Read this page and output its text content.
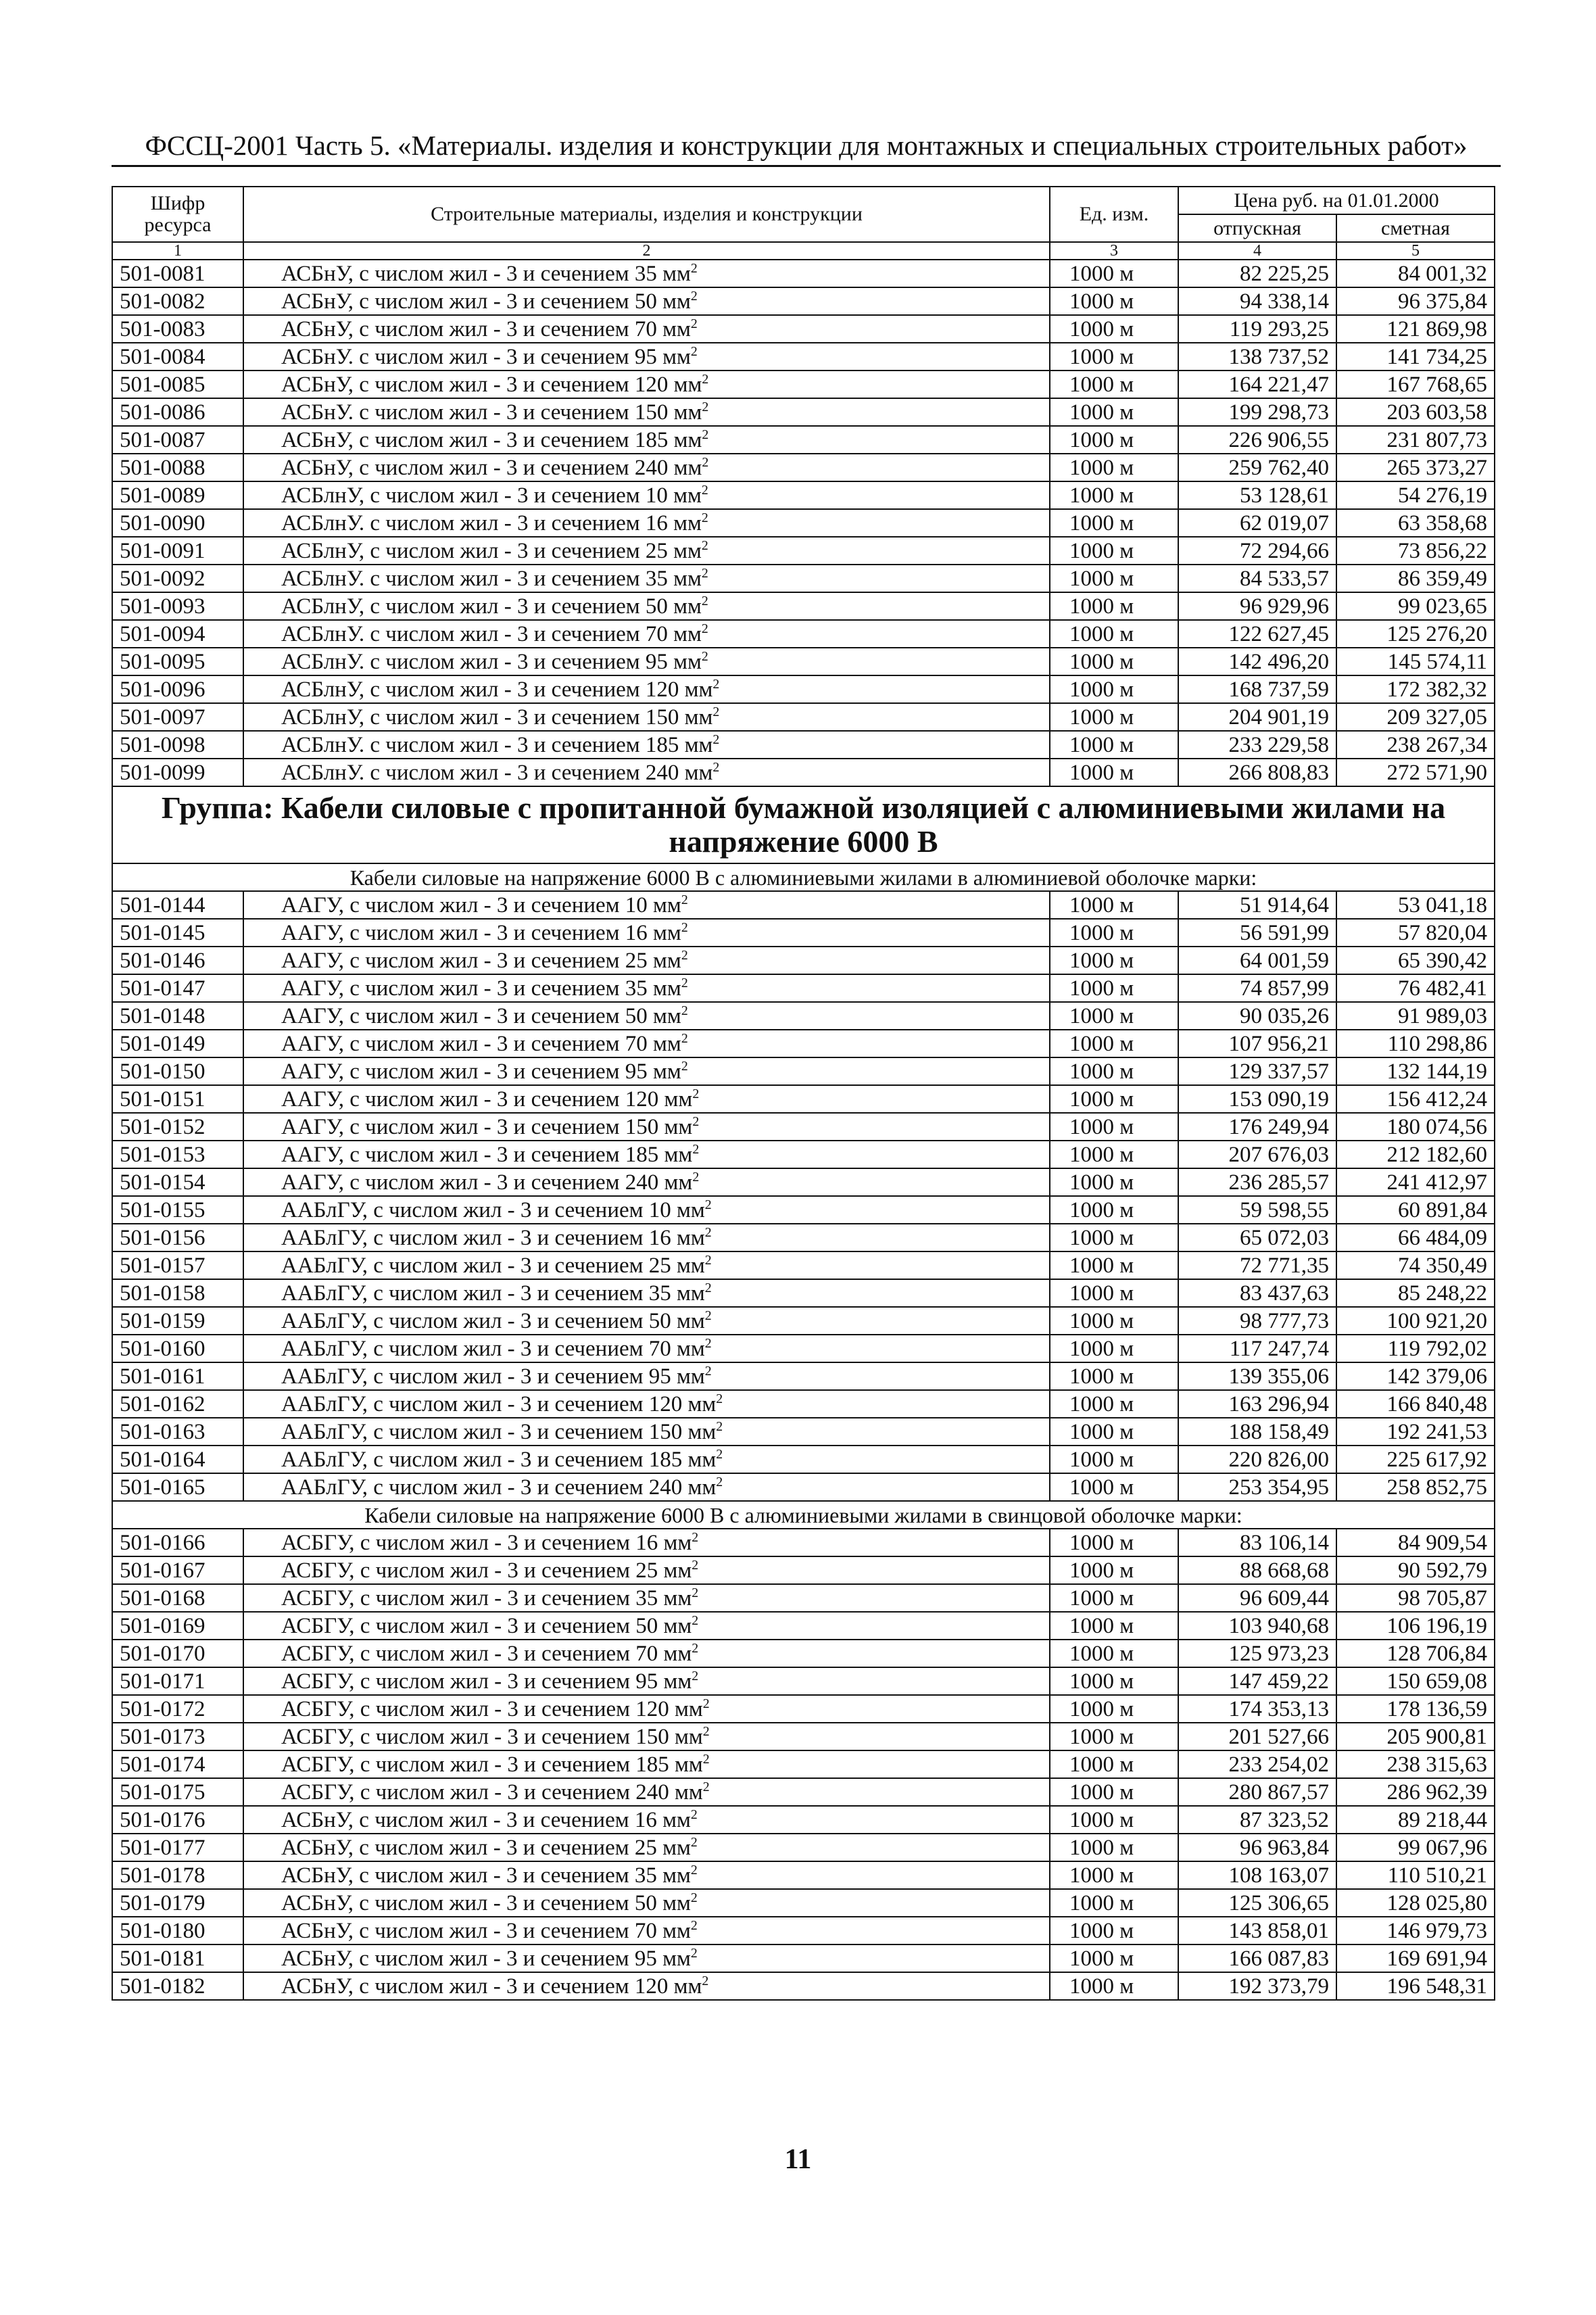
ФССЦ-2001 Часть 5. «Материалы. изделия и конструкции для монтажных и специальных строительных работ»
Шифр ресурса	Строительные материалы, изделия и конструкции	Ед. изм.	Цена руб. на 01.01.2000	
			отпускная	сметная
1	2	3	4	5
501-0081	АСБнУ, с числом жил - 3 и сечением 35 $мм^2$	1000 м	82 225,25	84 001,32
501-0082	АСБнУ, с числом жил - 3 и сечением 50 $мм^2$	1000 м	94 338,14	96 375,84
501-0083	АСБнУ, с числом жил - 3 и сечением 70 $мм^2$	1000 м	119 293,25	121 869,98
501-0084	АСБнУ. с числом жил - 3 и сечением 95 $мм^2$	1000 м	138 737,52	141 734,25
501-0085	АСБнУ, с числом жил - 3 и сечением 120 $мм^2$	1000 м	164 221,47	167 768,65
501-0086	АСБнУ. с числом жил - 3 и сечением 150 $мм^2$	1000 м	199 298,73	203 603,58
501-0087	АСБнУ, с числом жил - 3 и сечением 185 $мм^2$	1000 м	226 906,55	231 807,73
501-0088	АСБнУ, с числом жил - 3 и сечением 240 $мм^2$	1000 м	259 762,40	265 373,27
501-0089	АСБлнУ, с числом жил - 3 и сечением 10 $мм^2$	1000 м	53 128,61	54 276,19
501-0090	АСБлнУ. с числом жил - 3 и сечением 16 $мм^2$	1000 м	62 019,07	63 358,68
501-0091	АСБлнУ, с числом жил - 3 и сечением 25 $мм^2$	1000 м	72 294,66	73 856,22
501-0092	АСБлнУ. с числом жил - 3 и сечением 35 $мм^2$	1000 м	84 533,57	86 359,49
501-0093	АСБлнУ, с числом жил - 3 и сечением 50 $мм^2$	1000 м	96 929,96	99 023,65
501-0094	АСБлнУ. с числом жил - 3 и сечением 70 $мм^2$	1000 м	122 627,45	125 276,20
501-0095	АСБлнУ. с числом жил - 3 и сечением 95 $мм^2$	1000 м	142 496,20	145 574,11
501-0096	АСБлнУ, с числом жил - 3 и сечением 120 $мм^2$	1000 м	168 737,59	172 382,32
501-0097	АСБлнУ, с числом жил - 3 и сечением 150 $мм^2$	1000 м	204 901,19	209 327,05
501-0098	АСБлнУ. с числом жил - 3 и сечением 185 $мм^2$	1000 м	233 229,58	238 267,34
501-0099	АСБлнУ. с числом жил - 3 и сечением 240 $мм^2$	1000 м	266 808,83	272 571,90
Группа: Кабели силовые с пропитанной бумажной изоляцией с алюминиевыми жилами на напряжение 6000 В				
Кабели силовые на напряжение 6000 В с алюминиевыми жилами в алюминиевой оболочке марки:				
501-0144	ААГУ, с числом жил - 3 и сечением 10 $мм^2$	1000 м	51 914,64	53 041,18
501-0145	ААГУ, с числом жил - 3 и сечением 16 $мм^2$	1000 м	56 591,99	57 820,04
501-0146	ААГУ, с числом жил - 3 и сечением 25 $мм^2$	1000 м	64 001,59	65 390,42
501-0147	ААГУ, с числом жил - 3 и сечением 35 $мм^2$	1000 м	74 857,99	76 482,41
501-0148	ААГУ, с числом жил - 3 и сечением 50 $мм^2$	1000 м	90 035,26	91 989,03
501-0149	ААГУ, с числом жил - 3 и сечением 70 $мм^2$	1000 м	107 956,21	110 298,86
501-0150	ААГУ, с числом жил - 3 и сечением 95 $мм^2$	1000 м	129 337,57	132 144,19
501-0151	ААГУ, с числом жил - 3 и сечением 120 $мм^2$	1000 м	153 090,19	156 412,24
501-0152	ААГУ, с числом жил - 3 и сечением 150 $мм^2$	1000 м	176 249,94	180 074,56
501-0153	ААГУ, с числом жил - 3 и сечением 185 $мм^2$	1000 м	207 676,03	212 182,60
501-0154	ААГУ, с числом жил - 3 и сечением 240 $мм^2$	1000 м	236 285,57	241 412,97
501-0155	ААБлГУ, с числом жил - 3 и сечением 10 $мм^2$	1000 м	59 598,55	60 891,84
501-0156	ААБлГУ, с числом жил - 3 и сечением 16 $мм^2$	1000 м	65 072,03	66 484,09
501-0157	ААБлГУ, с числом жил - 3 и сечением 25 $мм^2$	1000 м	72 771,35	74 350,49
501-0158	ААБлГУ, с числом жил - 3 и сечением 35 $мм^2$	1000 м	83 437,63	85 248,22
501-0159	ААБлГУ, с числом жил - 3 и сечением 50 $мм^2$	1000 м	98 777,73	100 921,20
501-0160	ААБлГУ, с числом жил - 3 и сечением 70 $мм^2$	1000 м	117 247,74	119 792,02
501-0161	ААБлГУ, с числом жил - 3 и сечением 95 $мм^2$	1000 м	139 355,06	142 379,06
501-0162	ААБлГУ, с числом жил - 3 и сечением 120 $мм^2$	1000 м	163 296,94	166 840,48
501-0163	ААБлГУ, с числом жил - 3 и сечением 150 $мм^2$	1000 м	188 158,49	192 241,53
501-0164	ААБлГУ, с числом жил - 3 и сечением 185 $мм^2$	1000 м	220 826,00	225 617,92
501-0165	ААБлГУ, с числом жил - 3 и сечением 240 $мм^2$	1000 м	253 354,95	258 852,75
Кабели силовые на напряжение 6000 В с алюминиевыми жилами в свинцовой оболочке марки:				
501-0166	АСБГУ, с числом жил - 3 и сечением 16 $мм^2$	1000 м	83 106,14	84 909,54
501-0167	АСБГУ, с числом жил - 3 и сечением 25 $мм^2$	1000 м	88 668,68	90 592,79
501-0168	АСБГУ, с числом жил - 3 и сечением 35 $мм^2$	1000 м	96 609,44	98 705,87
501-0169	АСБГУ, с числом жил - 3 и сечением 50 $мм^2$	1000 м	103 940,68	106 196,19
501-0170	АСБГУ, с числом жил - 3 и сечением 70 $мм^2$	1000 м	125 973,23	128 706,84
501-0171	АСБГУ, с числом жил - 3 и сечением 95 $мм^2$	1000 м	147 459,22	150 659,08
501-0172	АСБГУ, с числом жил - 3 и сечением 120 $мм^2$	1000 м	174 353,13	178 136,59
501-0173	АСБГУ, с числом жил - 3 и сечением 150 $мм^2$	1000 м	201 527,66	205 900,81
501-0174	АСБГУ, с числом жил - 3 и сечением 185 $мм^2$	1000 м	233 254,02	238 315,63
501-0175	АСБГУ, с числом жил - 3 и сечением 240 $мм^2$	1000 м	280 867,57	286 962,39
501-0176	АСБнУ, с числом жил - 3 и сечением 16 $мм^2$	1000 м	87 323,52	89 218,44
501-0177	АСБнУ, с числом жил - 3 и сечением 25 $мм^2$	1000 м	96 963,84	99 067,96
501-0178	АСБнУ, с числом жил - 3 и сечением 35 $мм^2$	1000 м	108 163,07	110 510,21
501-0179	АСБнУ, с числом жил - 3 и сечением 50 $мм^2$	1000 м	125 306,65	128 025,80
501-0180	АСБнУ, с числом жил - 3 и сечением 70 $мм^2$	1000 м	143 858,01	146 979,73
501-0181	АСБнУ, с числом жил - 3 и сечением 95 $мм^2$	1000 м	166 087,83	169 691,94
501-0182	АСБнУ, с числом жил - 3 и сечением 120 $мм^2$	1000 м	192 373,79	196 548,31
11
